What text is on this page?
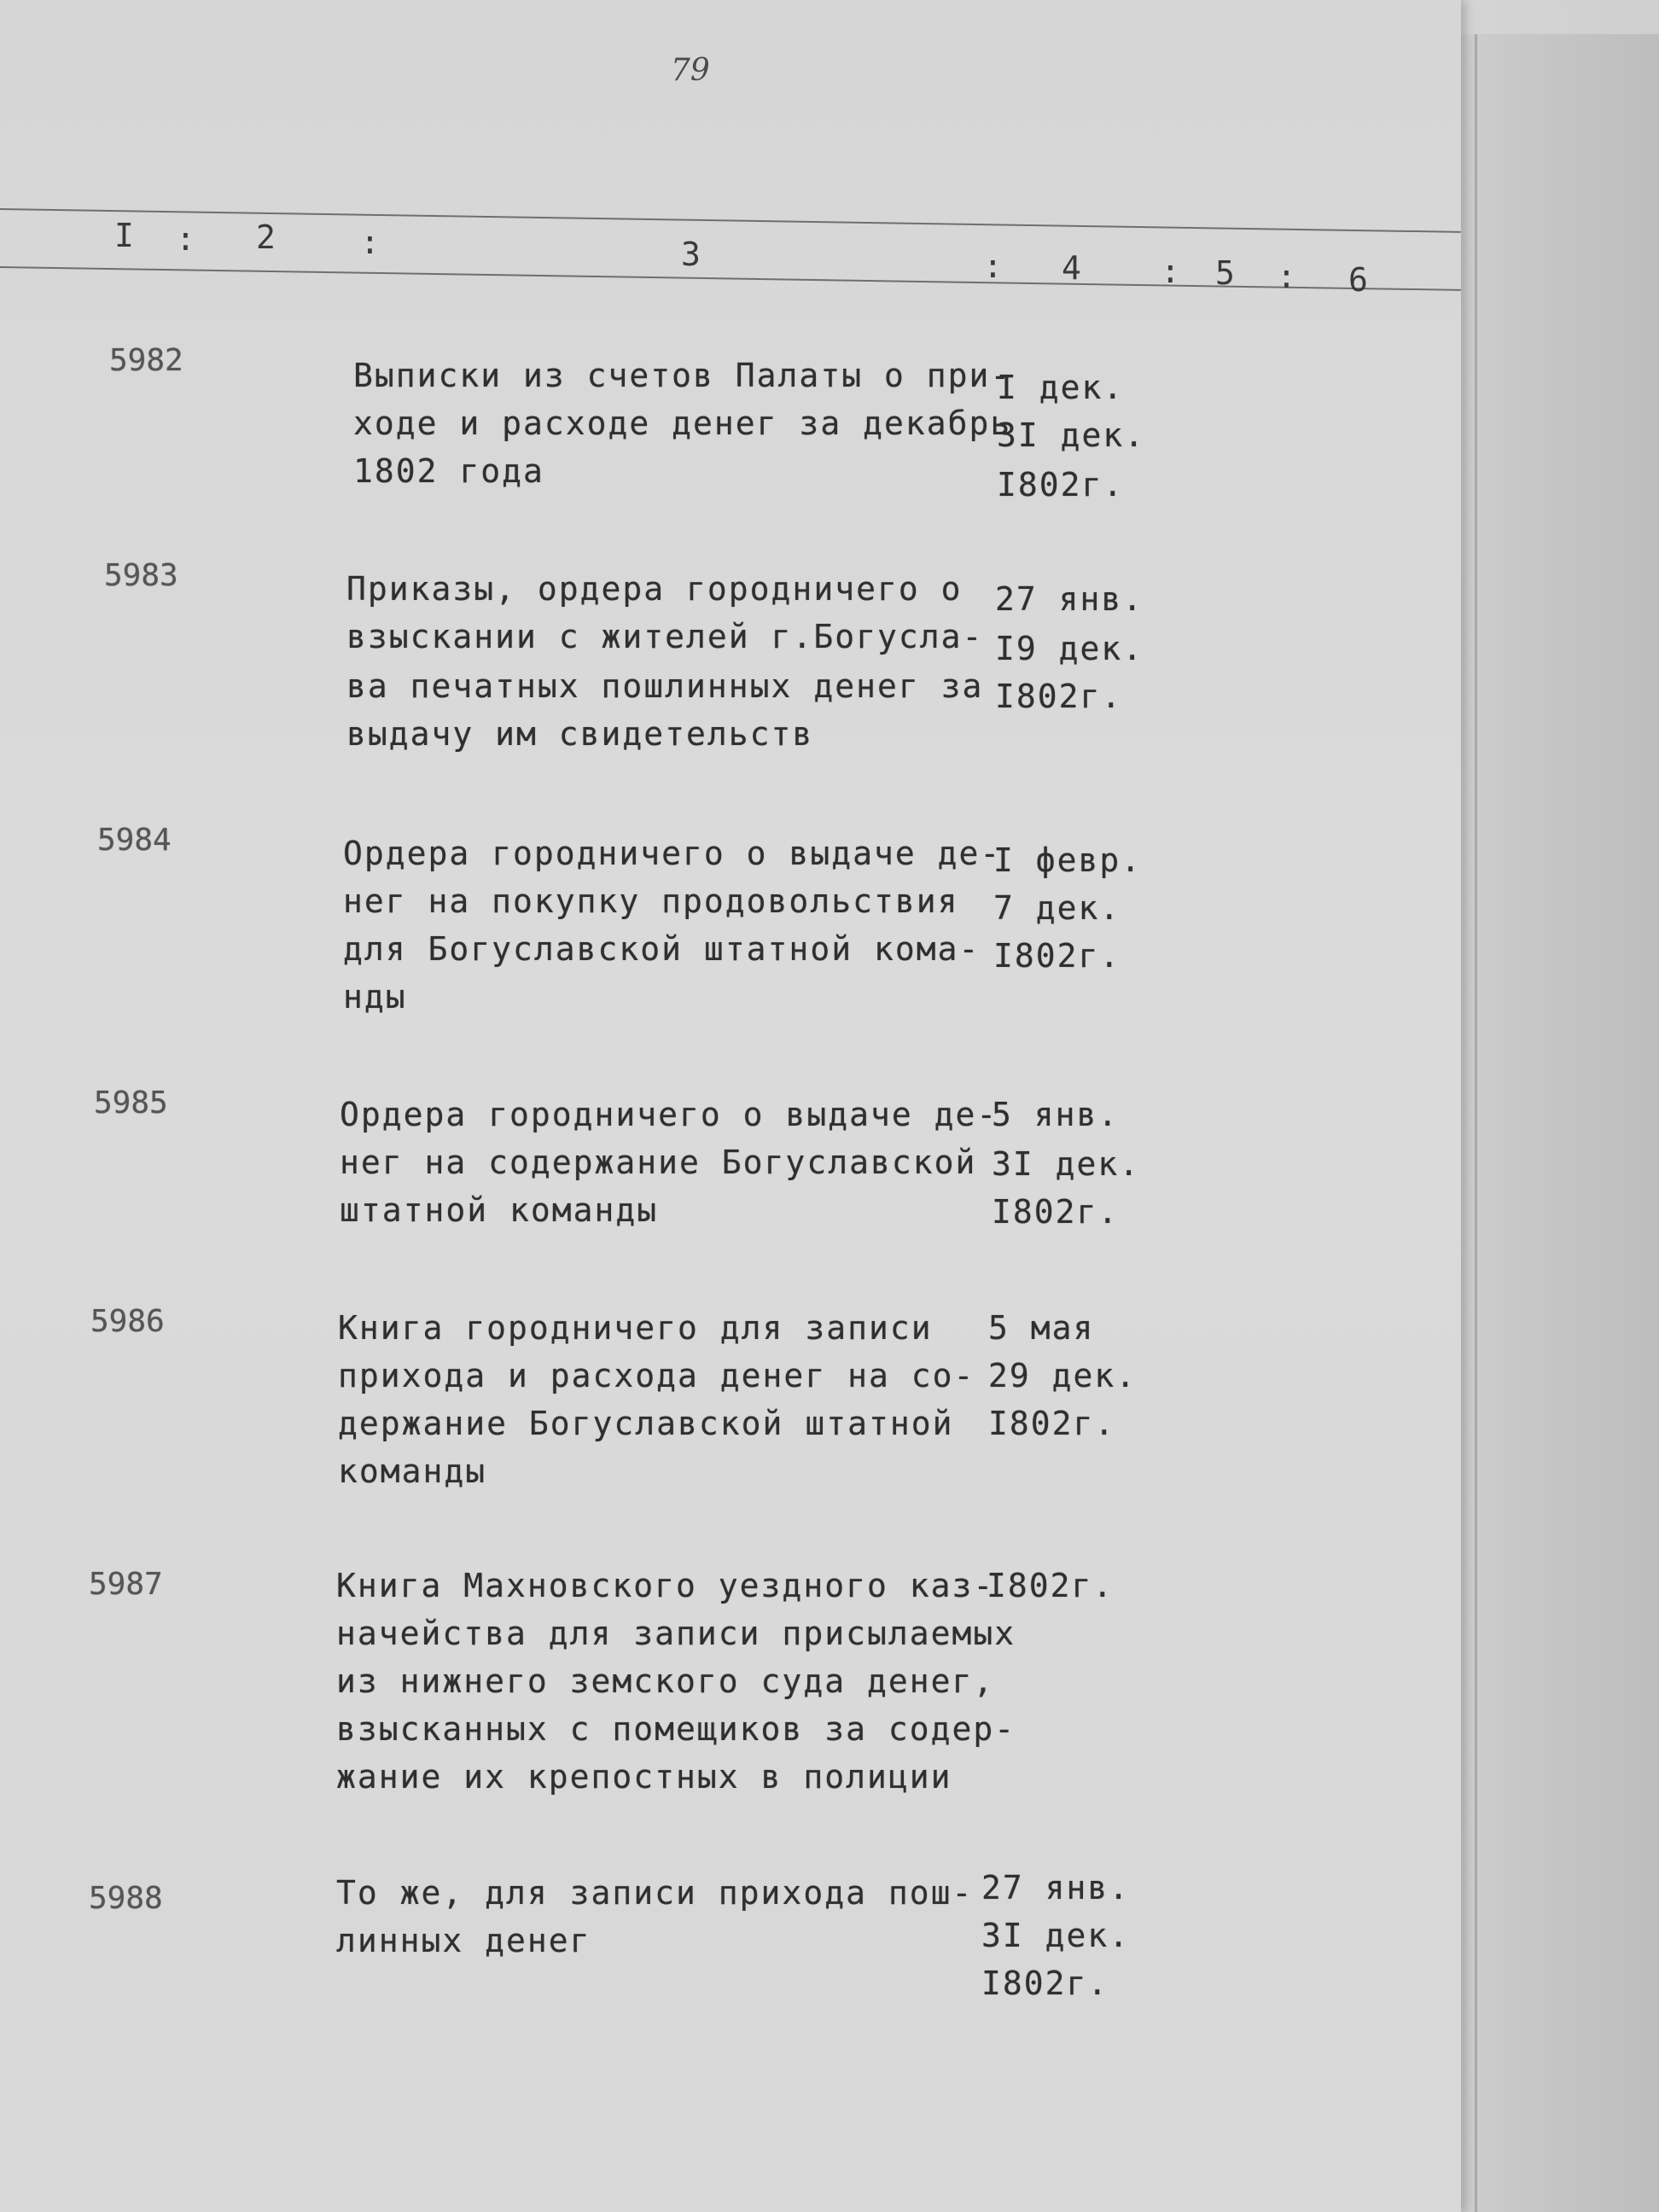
79
I : 2	:	3	: 4 : 5 : 6
5982	Выписки из счетов Палаты о при-
ходе и расходе денег за декабрь
1802 года
I дек.
3I дек.
I802г.
5983	Приказы, ордера городничего о
взыскании с жителей г.Богусла-
ва печатных пошлинных денег за
выдачу им свидетельств
27 янв.
I9 дек.
I802г.
5984	Ордера городничего о выдаче де-
нег на покупку продовольствия
для Богуславской штатной кома-
нды
I февр.
7 дек.
I802г.
5985	Ордера городничего о выдаче де-
нег на содержание Богуславской
штатной команды
5 янв.
3I дек.
I802г.
5986	Книга городничего для записи
прихода и расхода денег на со-
держание Богуславской штатной
команды
5 мая
29 дек.
I802г.
5987	Книга Махновского уездного каз-
начейства для записи присылаемых
из нижнего земского суда денег,
взысканных с помещиков за содер-
жание их крепостных в полиции
I802г.
5988	То же, для записи прихода пош-
линных денег
27 янв.
3I дек.
I802г.
